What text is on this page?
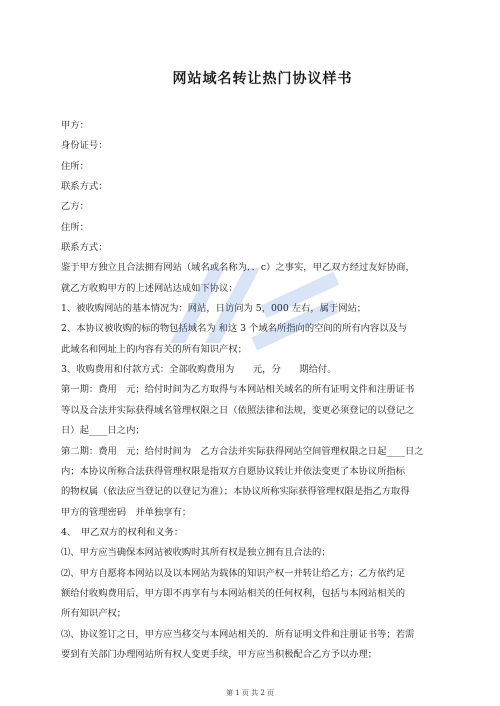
网站域名转让热门协议样书
甲方：
身份证号：
住所：
联系方式：
乙方：
住所：
联系方式：
鉴于甲方独立且合法拥有网站（域名或名称为．．c）之事实，甲乙双方经过友好协商，
就乙方收购甲方的上述网站达成如下协议：
1、被收购网站的基本情况为：网站，日访问为 5，000 左右，属于网站；
2、本协议被收购的标的物包括域名为 和这 3 个域名所指向的空间的所有内容以及与
此域名和网址上的内容有关的所有知识产权；
3、收购费用和付款方式：全部收购费用为　　元，分　　期给付。
第一期：费用　元；给付时间为乙方取得与本网站相关域名的所有证明文件和注册证书
等以及合法并实际获得域名管理权限之日（依照法律和法规，变更必须登记的以登记之
日）起____日之内；
第二期：费用　元；给付时间为　乙方合法并实际获得网站空间管理权限之日起____日之
内；本协议所称合法获得管理权限是指双方自愿协议转让并依法变更了本协议所指标
的物权属（依法应当登记的以登记为准）；本协议所称实际获得管理权限是指乙方取得
甲方的管理密码　并单独享有；
4、　甲乙双方的权利和义务：
⑴、甲方应当确保本网站被收购时其所有权是独立拥有且合法的；
⑵、甲方自愿将本网站以及以本网站为载体的知识产权一并转让给乙方；乙方依约足
额给付收购费用后，甲方即不再享有与本网站相关的任何权利，包括与本网站相关的
所有知识产权；
⑶、协议签订之日，甲方应当移交与本网站相关的．所有证明文件和注册证书等；若需
要到有关部门办理网站所有权人变更手续，甲方应当积极配合乙方予以办理；
第 1 页 共 2 页
